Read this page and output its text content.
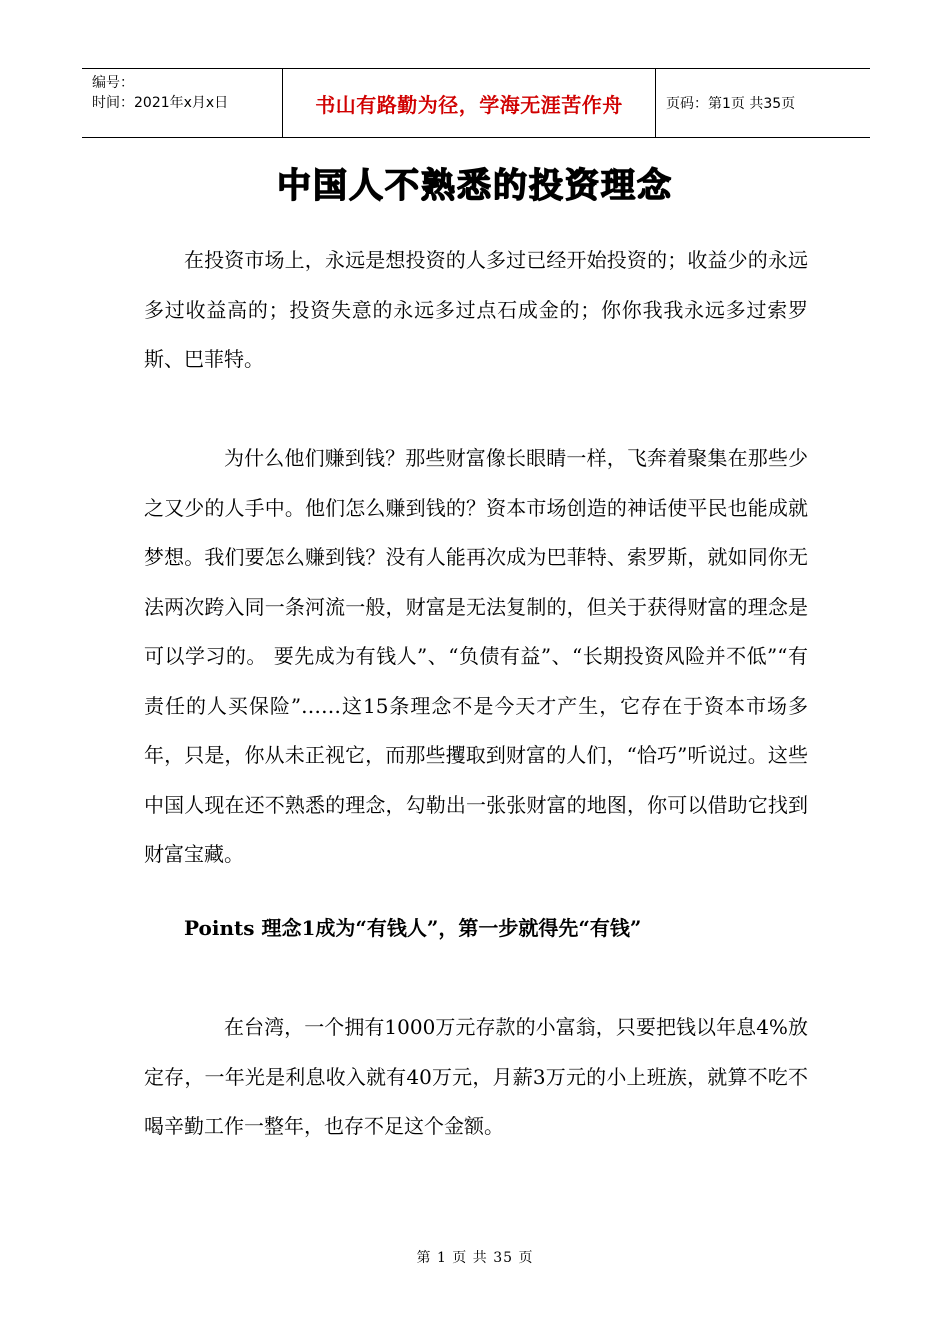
编号：
时间：2021年x月x日	书山有路勤为径，学海无涯苦作舟	页码：第1页 共35页
中国人不熟悉的投资理念

在投资市场上，永远是想投资的人多过已经开始投资的；收益少的永远多过收益高的；投资失意的永远多过点石成金的；你你我我永远多过索罗斯、巴菲特。

为什么他们赚到钱？那些财富像长眼睛一样，飞奔着聚集在那些少之又少的人手中。他们怎么赚到钱的？资本市场创造的神话使平民也能成就梦想。我们要怎么赚到钱？没有人能再次成为巴菲特、索罗斯，就如同你无法两次跨入同一条河流一般，财富是无法复制的，但关于获得财富的理念是可以学习的。 要先成为有钱人”、“负债有益”、“长期投资风险并不低”“有责任的人买保险”……这15条理念不是今天才产生，它存在于资本市场多年，只是，你从未正视它，而那些攫取到财富的人们，“恰巧”听说过。这些中国人现在还不熟悉的理念，勾勒出一张张财富的地图，你可以借助它找到财富宝藏。

Points 理念1成为“有钱人”，第一步就得先“有钱”

在台湾，一个拥有1000万元存款的小富翁，只要把钱以年息4%放定存，一年光是利息收入就有40万元，月薪3万元的小上班族，就算不吃不喝辛勤工作一整年，也存不足这个金额。

第 1 页 共 35 页
